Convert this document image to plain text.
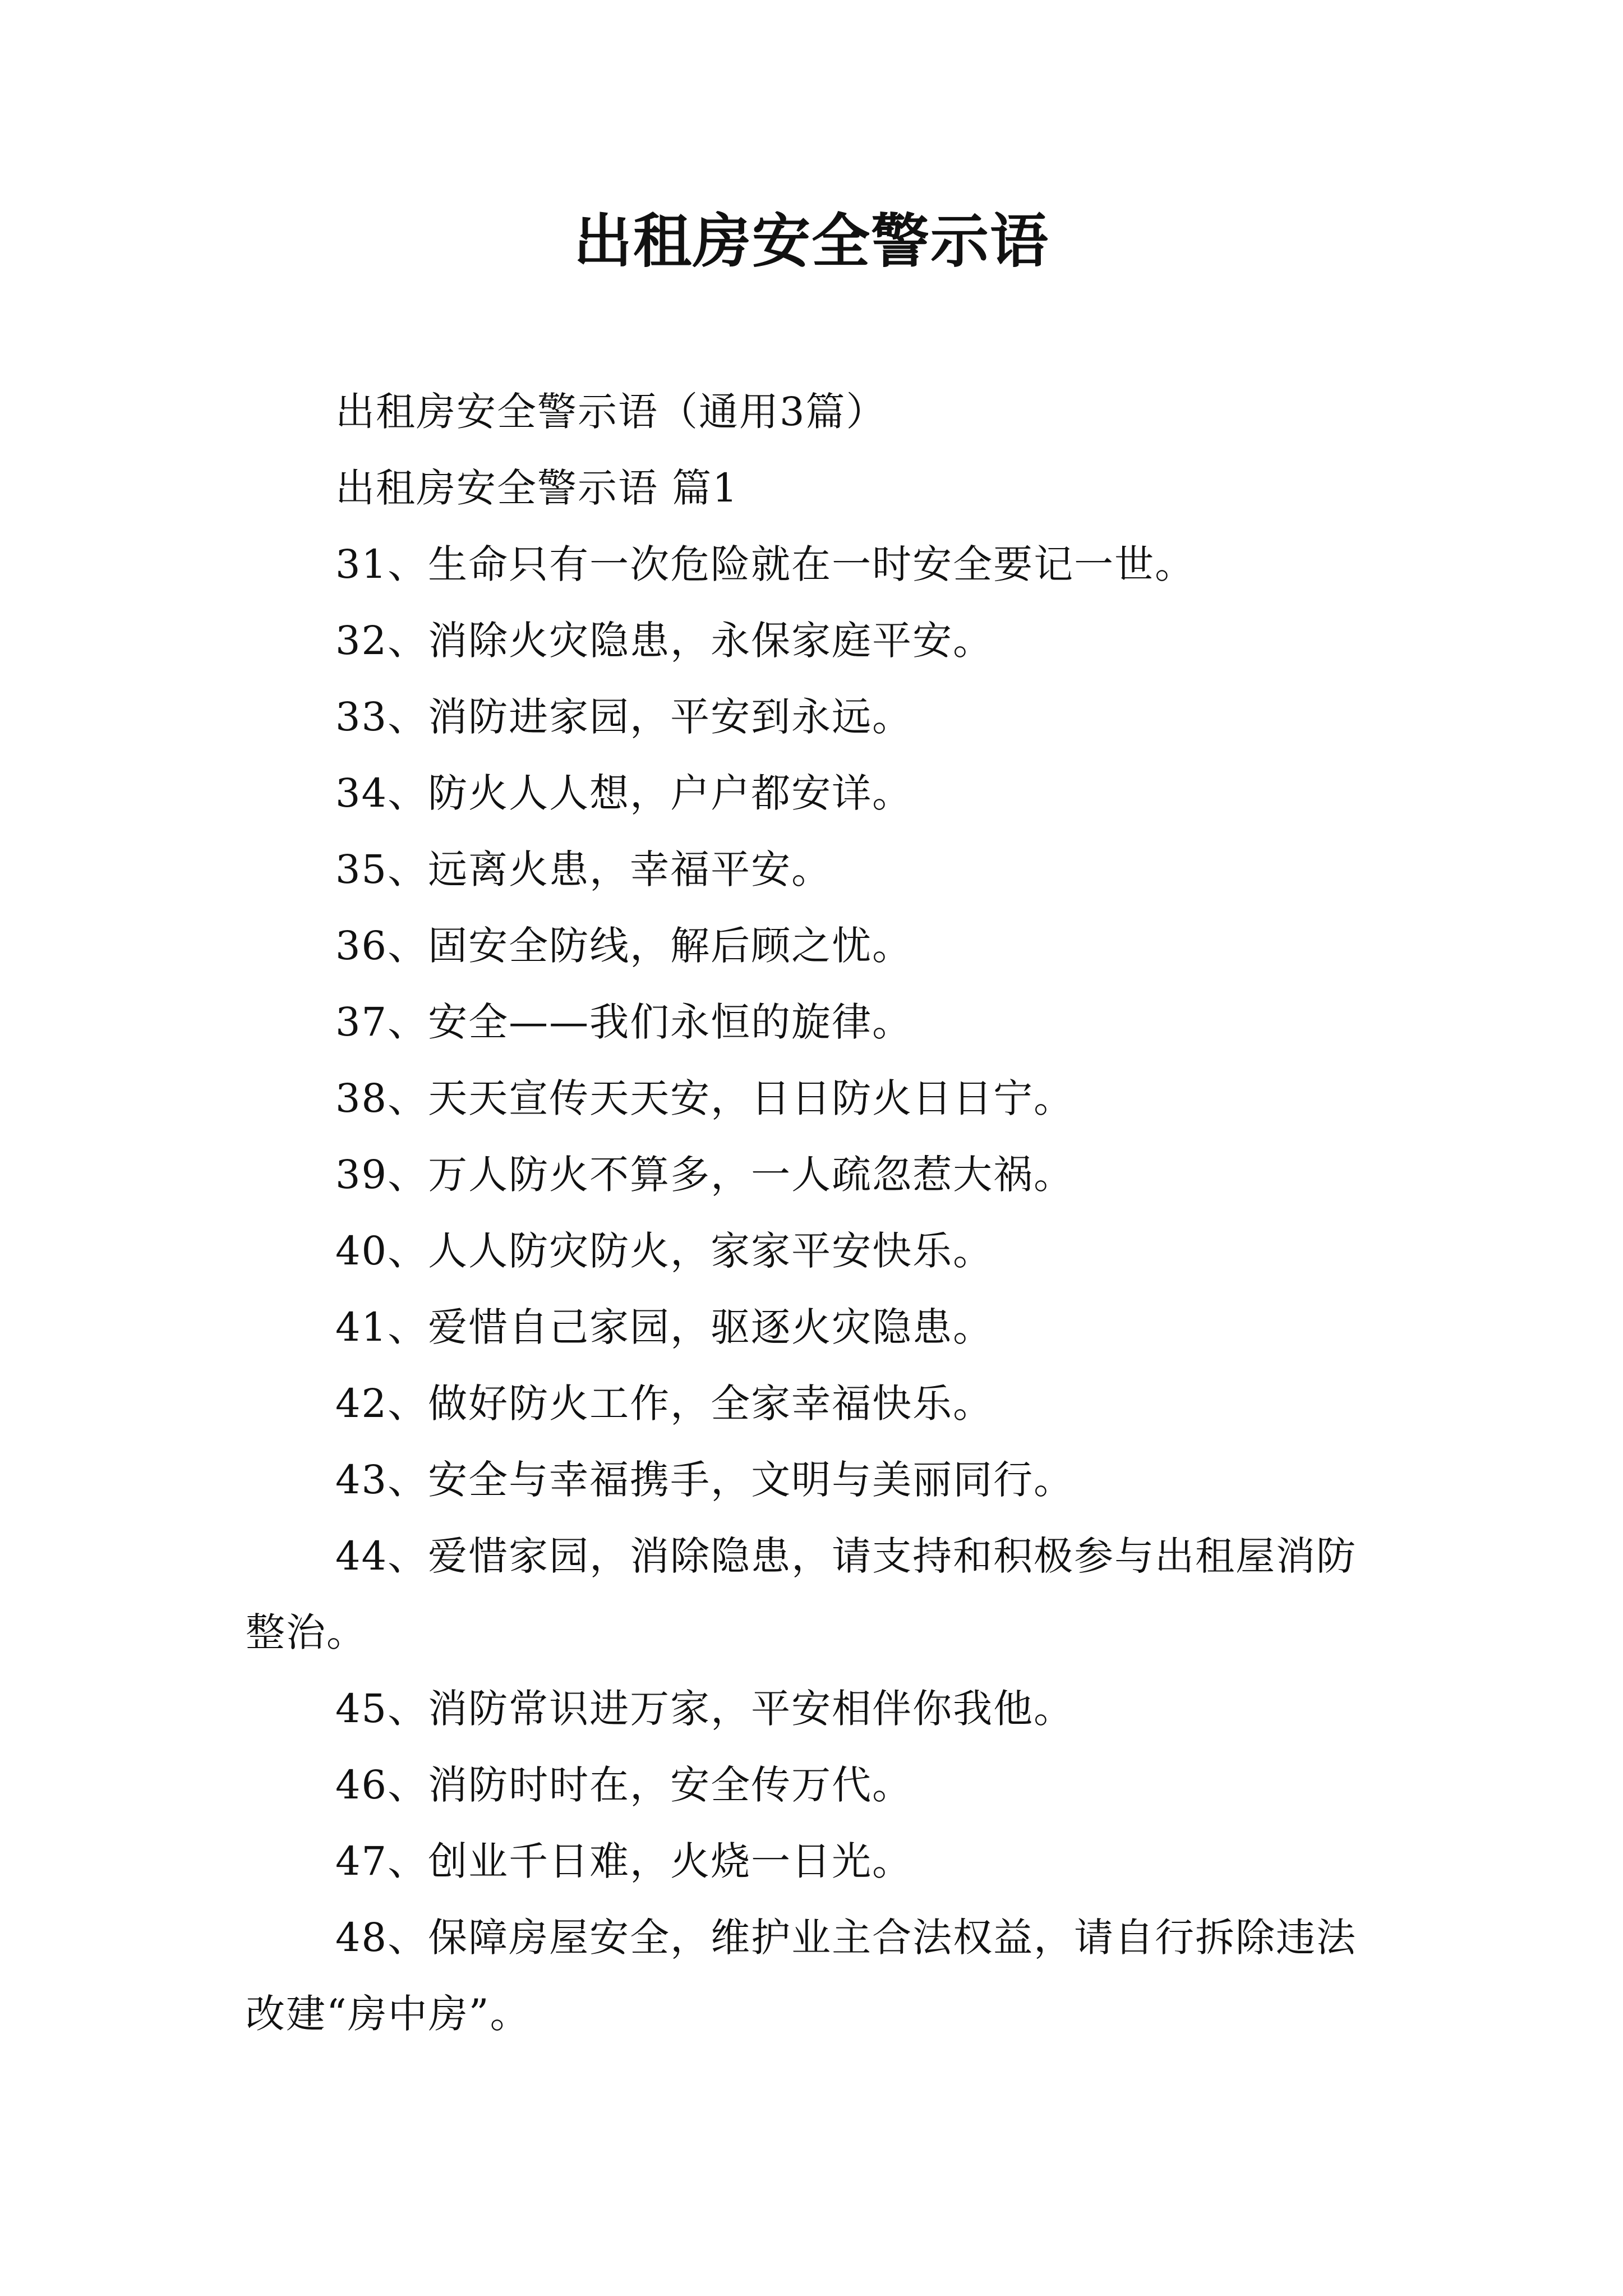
出租房安全警示语

出租房安全警示语（通用3篇）

出租房安全警示语 篇1

31、生命只有一次危险就在一时安全要记一世。

32、消除火灾隐患，永保家庭平安。

33、消防进家园，平安到永远。

34、防火人人想，户户都安详。

35、远离火患，幸福平安。

36、固安全防线，解后顾之忧。

37、安全——我们永恒的旋律。

38、天天宣传天天安，日日防火日日宁。

39、万人防火不算多，一人疏忽惹大祸。

40、人人防灾防火，家家平安快乐。

41、爱惜自己家园，驱逐火灾隐患。

42、做好防火工作，全家幸福快乐。

43、安全与幸福携手，文明与美丽同行。

44、爱惜家园，消除隐患，请支持和积极参与出租屋消防整治。

45、消防常识进万家，平安相伴你我他。

46、消防时时在，安全传万代。

47、创业千日难，火烧一日光。

48、保障房屋安全，维护业主合法权益，请自行拆除违法改建“房中房”。
